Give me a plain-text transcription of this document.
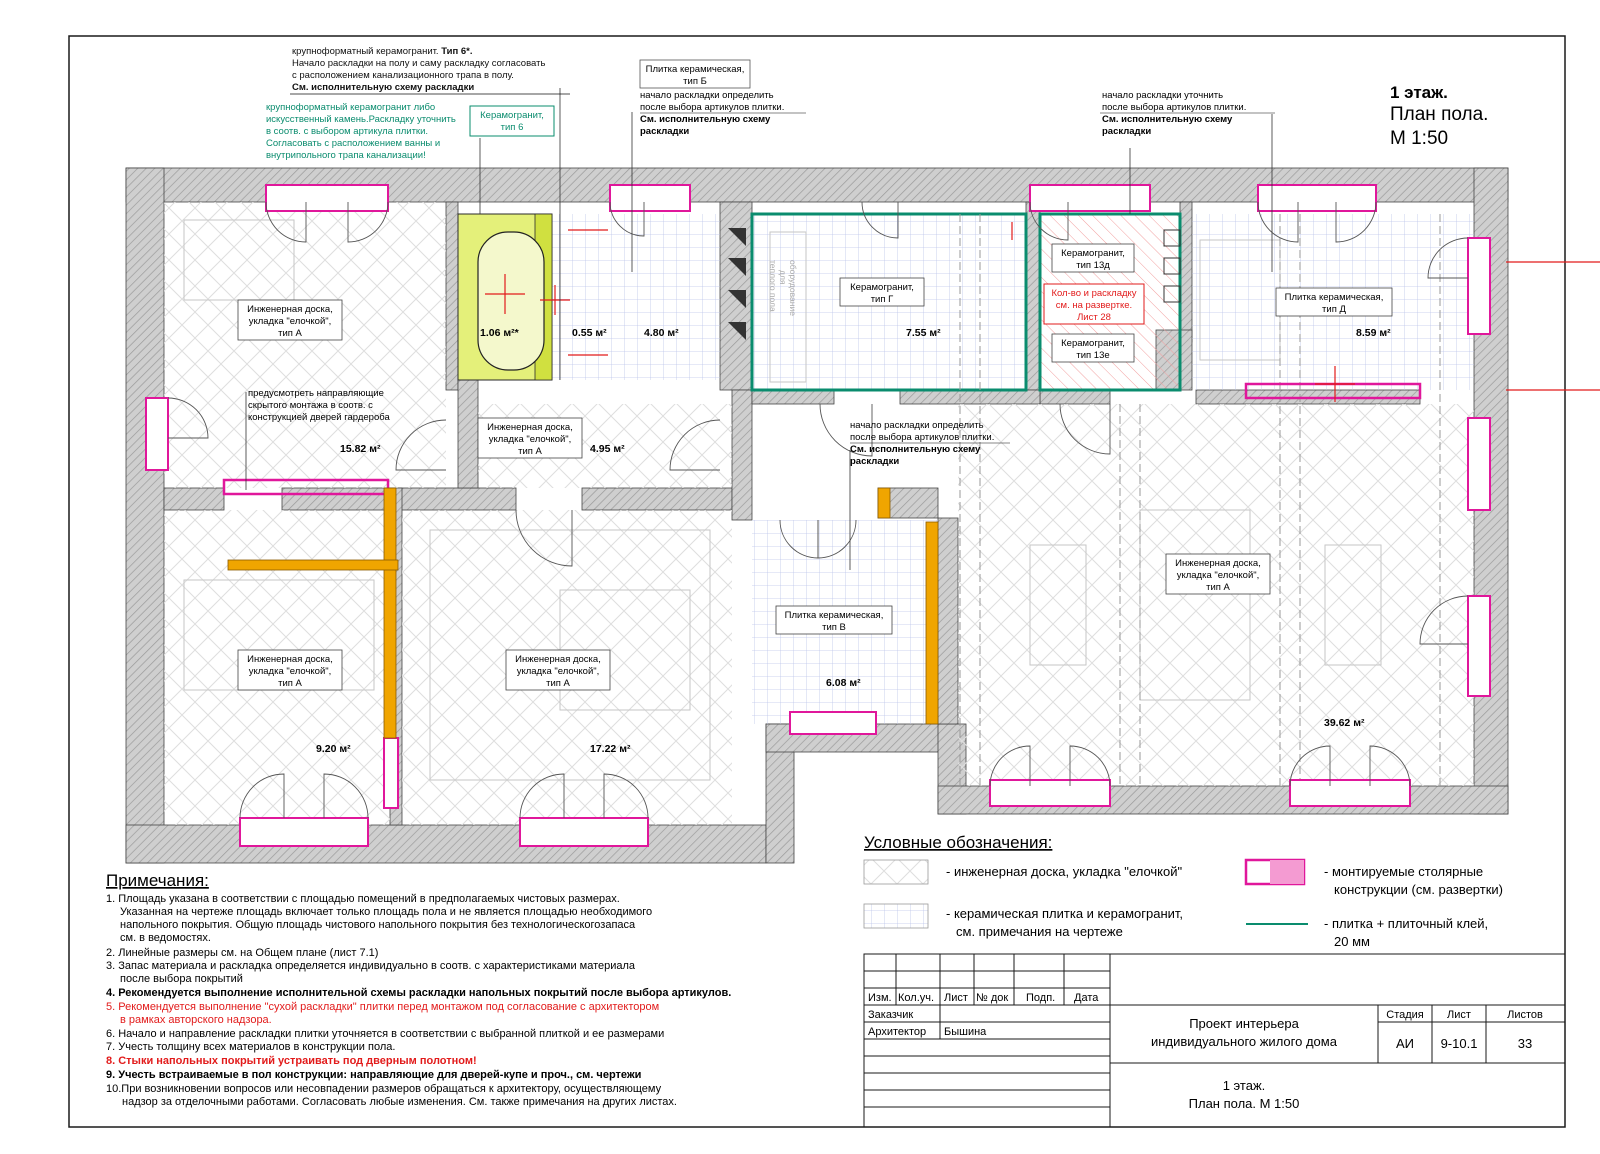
1 этаж.
План пола.
М 1:50
крупноформатный керамогранит. Тип 6*.
Начало раскладки на полу и саму раскладку согласовать
с расположением канализационного трапа в полу.
См. исполнительную схему раскладки
крупноформатный керамогранит либо
искусственный камень.Раскладку уточнить
в соотв. с выбором артикула плитки.
Согласовать с расположением ванны и
внутрипольного трапа канализации!
Керамогранит,
тип 6
Плитка керамическая,
тип Б
начало раскладки определить
после выбора артикулов плитки.
См. исполнительную схему
раскладки
начало раскладки уточнить
после выбора артикулов плитки.
См. исполнительную схему
раскладки
начало раскладки определить
после выбора артикулов плитки.
См. исполнительную схему
раскладки
предусмотреть направляющие
скрытого монтажа в соотв. с
конструкцией дверей гардероба
Инженерная доска,
укладка "елочкой",
тип А
Инженерная доска,
укладка "елочкой",
тип А
Инженерная доска,
укладка "елочкой",
тип А
Инженерная доска,
укладка "елочкой",
тип А
Инженерная доска,
укладка "елочкой",
тип А
Керамогранит,
тип Г
Плитка керамическая,
тип В
Плитка керамическая,
тип Д
Керамогранит,
тип 13д
Кол-во и раскладку
см. на развертке.
Лист 28
Керамогранит,
тип 13е
оборудование
для
теплого пола
15.82 м²
1.06 м²*	0.55 м²	4.80 м²	7.55 м²	8.59 м²
4.95 м²
9.20 м²	17.22 м²
6.08 м²
39.62 м²
Условные обозначения:
- инженерная доска, укладка "елочкой"
- керамическая плитка и керамогранит,
см. примечания на чертеже
- монтируемые столярные
конструкции (см. развертки)
- плитка + плиточный клей,
20 мм
Примечания:
1. Площадь указана в соответствии с площадью помещений в предполагаемых чистовых размерах.
Указанная на чертеже площадь включает только площадь пола и не является площадью необходимого
напольного покрытия. Общую площадь чистового напольного покрытия без технологическогозапаса
см. в ведомостях.
2. Линейные размеры см. на Общем плане (лист 7.1)
3. Запас материала и раскладка определяется индивидуально в соотв. с характеристиками материала
после выбора покрытий
4. Рекомендуется выполнение исполнительной схемы раскладки напольных покрытий после выбора артикулов.
5. Рекомендуется выполнение "сухой раскладки" плитки перед монтажом под согласование с архитектором
в рамках авторского надзора.
6. Начало и направление раскладки плитки уточняется в соответствии с выбранной плиткой и ее размерами
7. Учесть толщину всех материалов в конструкции пола.
8. Стыки напольных покрытий устраивать под дверным полотном!
9. Учесть встраиваемые в пол конструкции: направляющие для дверей-купе и проч., см. чертежи
10.При возникновении вопросов или несовпадении размеров обращаться к архитектору, осуществляющему
надзор за отделочными работами. Согласовать любые изменения. См. также примечания на других листах.
Изм. Кол.уч. Лист № док Подп. Дата
Заказчик
Архитектор Бышина
Проект интерьера
индивидуального жилого дома
Стадия Лист	Листов
АИ 9-10.1	33
1 этаж.
План пола. М 1:50
